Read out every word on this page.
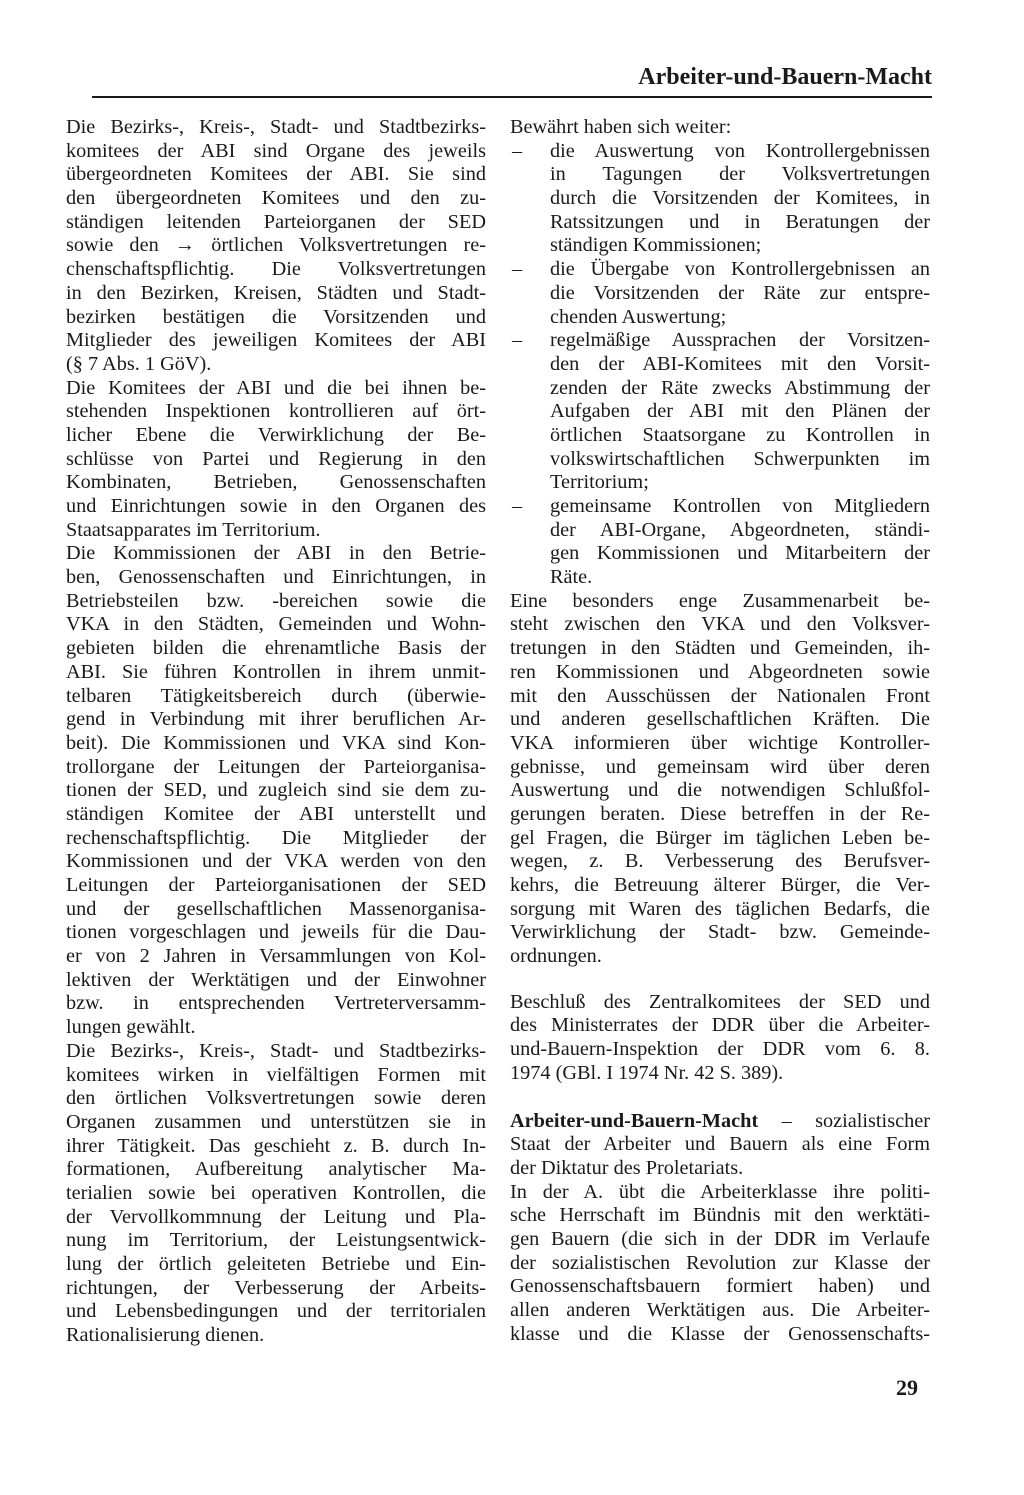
Arbeiter-und-Bauern-Macht
Die Bezirks-, Kreis-, Stadt- und Stadtbezirks-
komitees der ABI sind Organe des jeweils
übergeordneten Komitees der ABI. Sie sind
den übergeordneten Komitees und den zu-
ständigen leitenden Parteiorganen der SED
sowie den → örtlichen Volksvertretungen re-
chenschaftspflichtig. Die Volksvertretungen
in den Bezirken, Kreisen, Städten und Stadt-
bezirken bestätigen die Vorsitzenden und
Mitglieder des jeweiligen Komitees der ABI
(§ 7 Abs. 1 GöV).
Die Komitees der ABI und die bei ihnen be-
stehenden Inspektionen kontrollieren auf ört-
licher Ebene die Verwirklichung der Be-
schlüsse von Partei und Regierung in den
Kombinaten, Betrieben, Genossenschaften
und Einrichtungen sowie in den Organen des
Staatsapparates im Territorium.
Die Kommissionen der ABI in den Betrie-
ben, Genossenschaften und Einrichtungen, in
Betriebsteilen bzw. -bereichen sowie die
VKA in den Städten, Gemeinden und Wohn-
gebieten bilden die ehrenamtliche Basis der
ABI. Sie führen Kontrollen in ihrem unmit-
telbaren Tätigkeitsbereich durch (überwie-
gend in Verbindung mit ihrer beruflichen Ar-
beit). Die Kommissionen und VKA sind Kon-
trollorgane der Leitungen der Parteiorganisa-
tionen der SED, und zugleich sind sie dem zu-
ständigen Komitee der ABI unterstellt und
rechenschaftspflichtig. Die Mitglieder der
Kommissionen und der VKA werden von den
Leitungen der Parteiorganisationen der SED
und der gesellschaftlichen Massenorganisa-
tionen vorgeschlagen und jeweils für die Dau-
er von 2 Jahren in Versammlungen von Kol-
lektiven der Werktätigen und der Einwohner
bzw. in entsprechenden Vertreterversamm-
lungen gewählt.
Die Bezirks-, Kreis-, Stadt- und Stadtbezirks-
komitees wirken in vielfältigen Formen mit
den örtlichen Volksvertretungen sowie deren
Organen zusammen und unterstützen sie in
ihrer Tätigkeit. Das geschieht z. B. durch In-
formationen, Aufbereitung analytischer Ma-
terialien sowie bei operativen Kontrollen, die
der Vervollkommnung der Leitung und Pla-
nung im Territorium, der Leistungsentwick-
lung der örtlich geleiteten Betriebe und Ein-
richtungen, der Verbesserung der Arbeits-
und Lebensbedingungen und der territorialen
Rationalisierung dienen.
Bewährt haben sich weiter:
– die Auswertung von Kontrollergebnissen
in Tagungen der Volksvertretungen
durch die Vorsitzenden der Komitees, in
Ratssitzungen und in Beratungen der
ständigen Kommissionen;
– die Übergabe von Kontrollergebnissen an
die Vorsitzenden der Räte zur entspre-
chenden Auswertung;
– regelmäßige Aussprachen der Vorsitzen-
den der ABI-Komitees mit den Vorsit-
zenden der Räte zwecks Abstimmung der
Aufgaben der ABI mit den Plänen der
örtlichen Staatsorgane zu Kontrollen in
volkswirtschaftlichen Schwerpunkten im
Territorium;
– gemeinsame Kontrollen von Mitgliedern
der ABI-Organe, Abgeordneten, ständi-
gen Kommissionen und Mitarbeitern der
Räte.
Eine besonders enge Zusammenarbeit be-
steht zwischen den VKA und den Volksver-
tretungen in den Städten und Gemeinden, ih-
ren Kommissionen und Abgeordneten sowie
mit den Ausschüssen der Nationalen Front
und anderen gesellschaftlichen Kräften. Die
VKA informieren über wichtige Kontroller-
gebnisse, und gemeinsam wird über deren
Auswertung und die notwendigen Schlußfol-
gerungen beraten. Diese betreffen in der Re-
gel Fragen, die Bürger im täglichen Leben be-
wegen, z. B. Verbesserung des Berufsver-
kehrs, die Betreuung älterer Bürger, die Ver-
sorgung mit Waren des täglichen Bedarfs, die
Verwirklichung der Stadt- bzw. Gemeinde-
ordnungen.
Beschluß des Zentralkomitees der SED und
des Ministerrates der DDR über die Arbeiter-
und-Bauern-Inspektion der DDR vom 6. 8.
1974 (GBl. I 1974 Nr. 42 S. 389).
Arbeiter-und-Bauern-Macht – sozialistischer
Staat der Arbeiter und Bauern als eine Form
der Diktatur des Proletariats.
In der A. übt die Arbeiterklasse ihre politi-
sche Herrschaft im Bündnis mit den werktäti-
gen Bauern (die sich in der DDR im Verlaufe
der sozialistischen Revolution zur Klasse der
Genossenschaftsbauern formiert haben) und
allen anderen Werktätigen aus. Die Arbeiter-
klasse und die Klasse der Genossenschafts-
29
